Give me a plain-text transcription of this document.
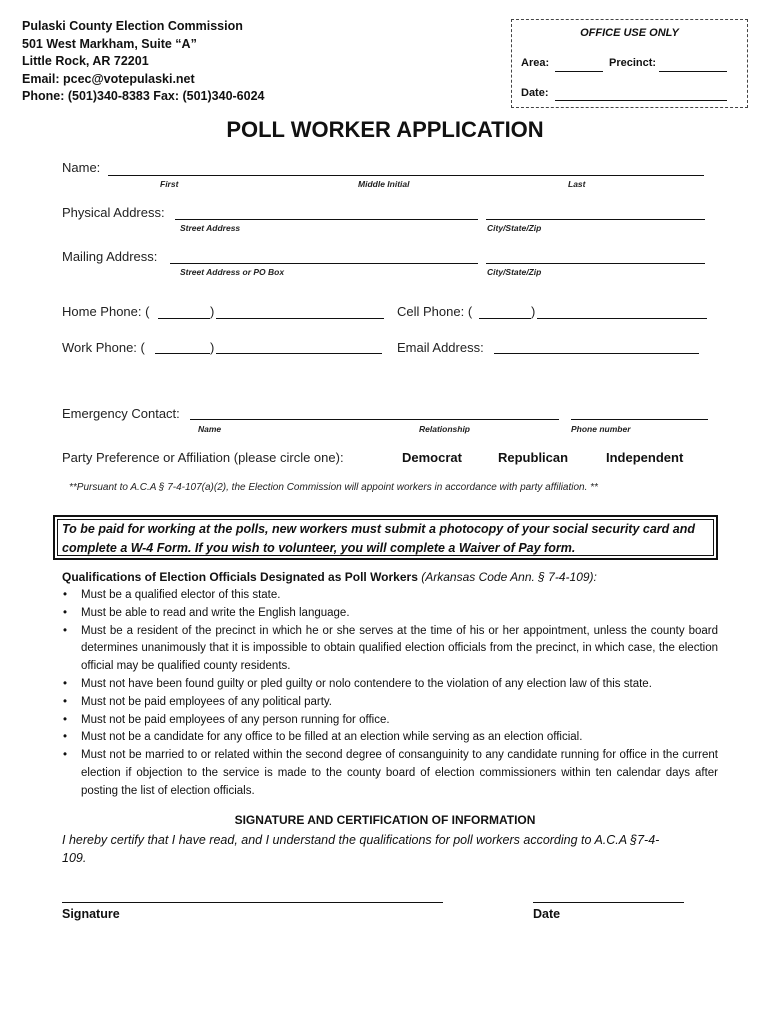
Pulaski County Election Commission
501 West Markham, Suite “A”
Little Rock, AR 72201
Email: pcec@votepulaski.net
Phone: (501)340-8383 Fax: (501)340-6024
OFFICE USE ONLY
Area:	Precinct:
Date:
POLL WORKER APPLICATION
Name:
First	Middle Initial	Last
Physical Address:
Street Address	City/State/Zip
Mailing Address:
Street Address or PO Box	City/State/Zip
Home Phone: (	)	Cell Phone: (	)
Work Phone: (	)	Email Address:
Emergency Contact:
Name	Relationship	Phone number
Party Preference or Affiliation (please circle one):	Democrat	Republican	Independent
**Pursuant to A.C.A § 7-4-107(a)(2), the Election Commission will appoint workers in accordance with party affiliation. **
To be paid for working at the polls, new workers must submit a photocopy of your social security card and complete a W-4 Form. If you wish to volunteer, you will complete a Waiver of Pay form.
Qualifications of Election Officials Designated as Poll Workers (Arkansas Code Ann. § 7-4-109):
• Must be a qualified elector of this state.
• Must be able to read and write the English language.
• Must be a resident of the precinct in which he or she serves at the time of his or her appointment, unless the county board determines unanimously that it is impossible to obtain qualified election officials from the precinct, in which case, the election official may be qualified county residents.
• Must not have been found guilty or pled guilty or nolo contendere to the violation of any election law of this state.
• Must not be paid employees of any political party.
• Must not be paid employees of any person running for office.
• Must not be a candidate for any office to be filled at an election while serving as an election official.
• Must not be married to or related within the second degree of consanguinity to any candidate running for office in the current election if objection to the service is made to the county board of election commissioners within ten calendar days after posting the list of election officials.
SIGNATURE AND CERTIFICATION OF INFORMATION
I hereby certify that I have read, and I understand the qualifications for poll workers according to A.C.A §7-4-109.
Signature	Date
